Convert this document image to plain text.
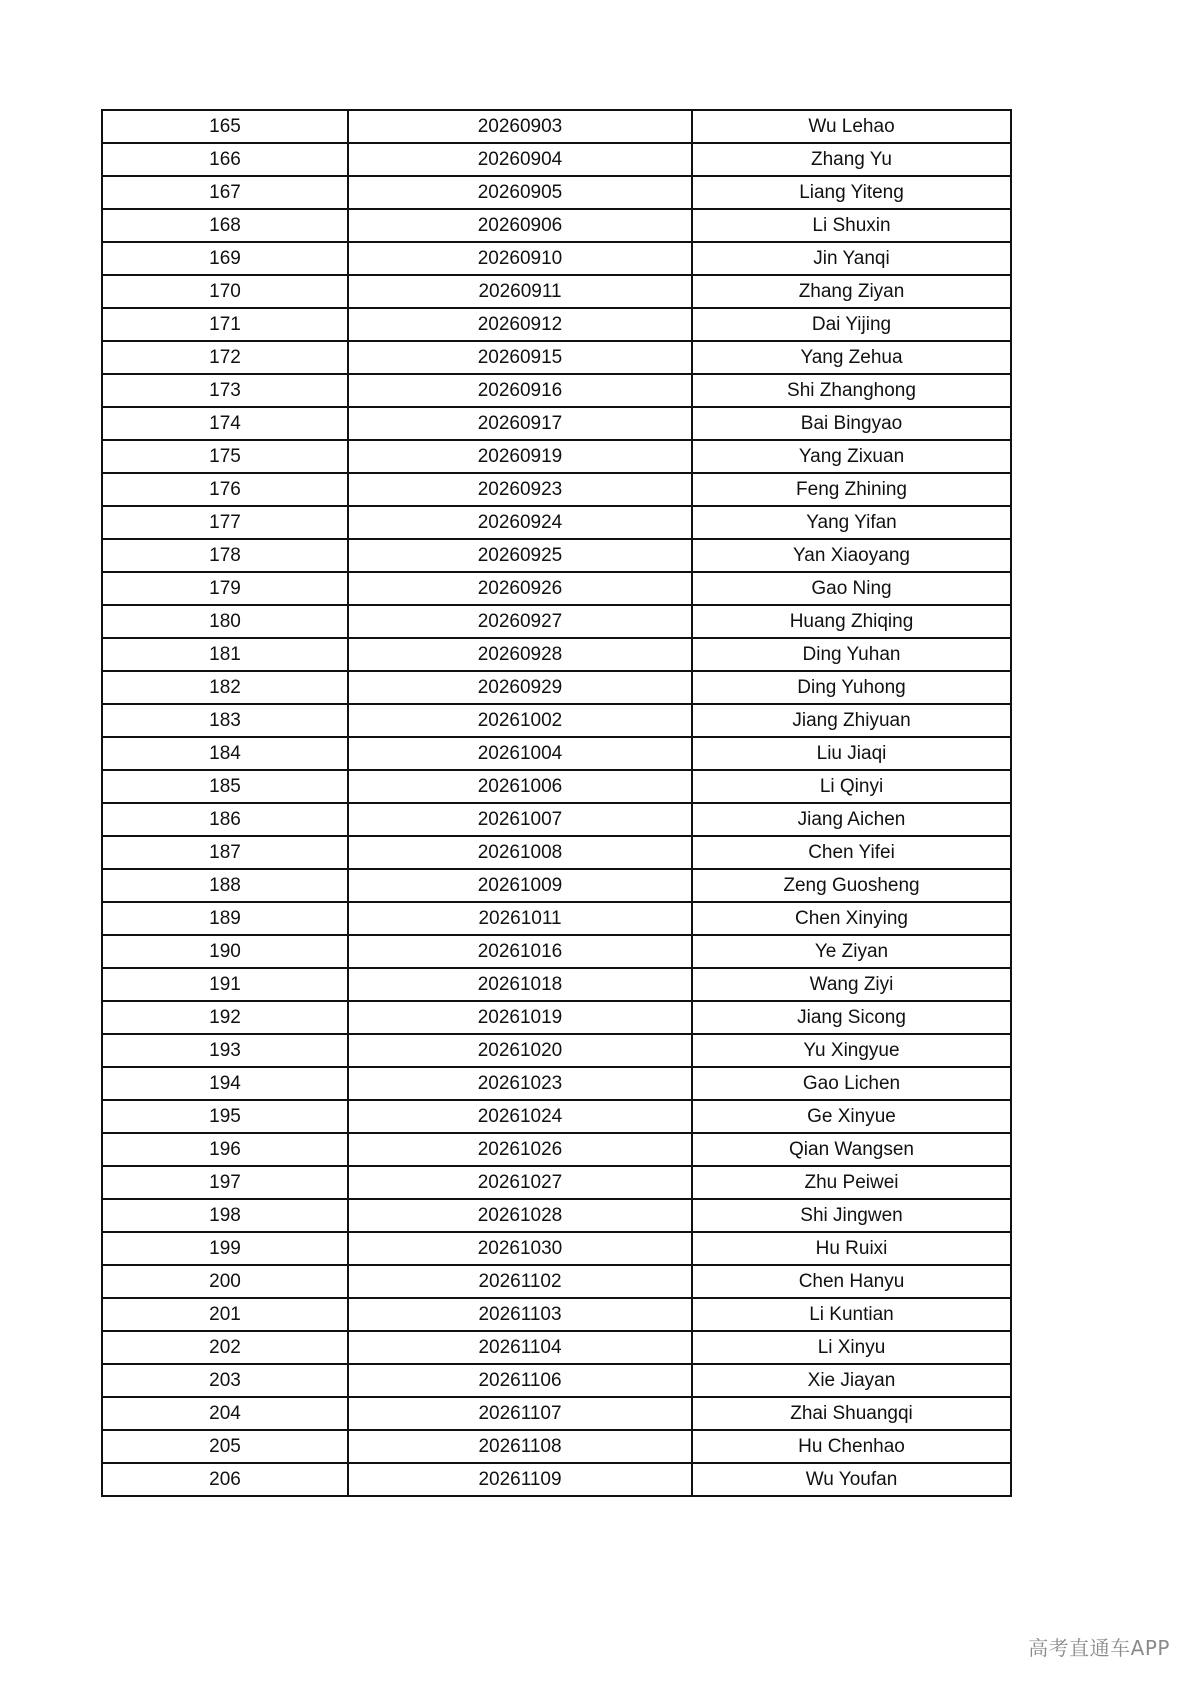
165	20260903	Wu Lehao
166	20260904	Zhang Yu
167	20260905	Liang Yiteng
168	20260906	Li Shuxin
169	20260910	Jin Yanqi
170	20260911	Zhang Ziyan
171	20260912	Dai Yijing
172	20260915	Yang Zehua
173	20260916	Shi Zhanghong
174	20260917	Bai Bingyao
175	20260919	Yang Zixuan
176	20260923	Feng Zhining
177	20260924	Yang Yifan
178	20260925	Yan Xiaoyang
179	20260926	Gao Ning
180	20260927	Huang Zhiqing
181	20260928	Ding Yuhan
182	20260929	Ding Yuhong
183	20261002	Jiang Zhiyuan
184	20261004	Liu Jiaqi
185	20261006	Li Qinyi
186	20261007	Jiang Aichen
187	20261008	Chen Yifei
188	20261009	Zeng Guosheng
189	20261011	Chen Xinying
190	20261016	Ye Ziyan
191	20261018	Wang Ziyi
192	20261019	Jiang Sicong
193	20261020	Yu Xingyue
194	20261023	Gao Lichen
195	20261024	Ge Xinyue
196	20261026	Qian Wangsen
197	20261027	Zhu Peiwei
198	20261028	Shi Jingwen
199	20261030	Hu Ruixi
200	20261102	Chen Hanyu
201	20261103	Li Kuntian
202	20261104	Li Xinyu
203	20261106	Xie Jiayan
204	20261107	Zhai Shuangqi
205	20261108	Hu Chenhao
206	20261109	Wu Youfan
高考直通车APP
